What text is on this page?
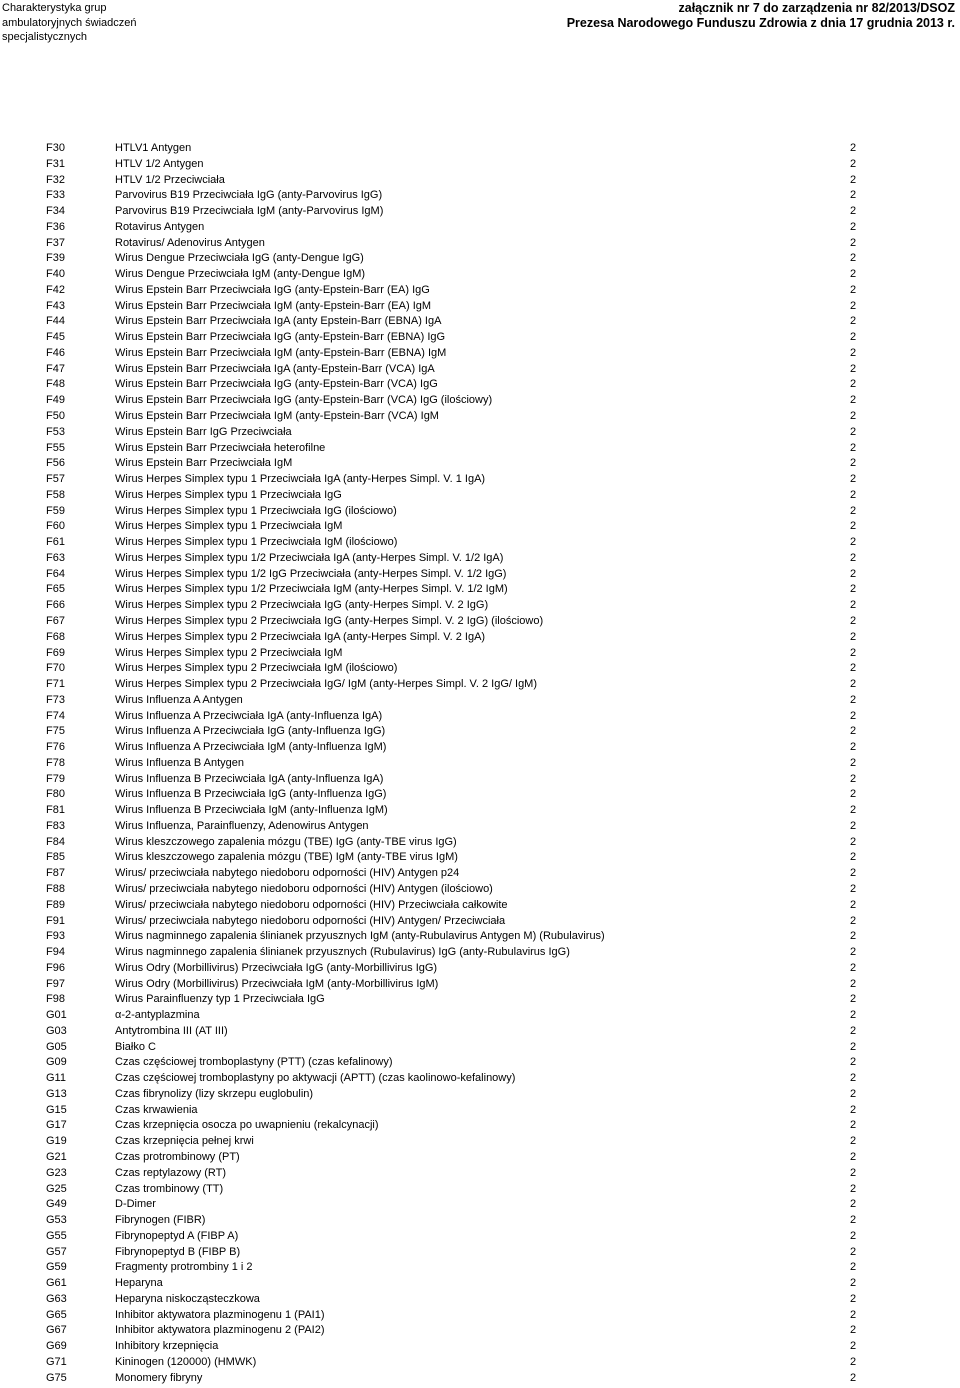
Charakterystyka grup
ambulatoryjnych świadczeń
specjalistycznych
załącznik nr 7 do zarządzenia nr 82/2013/DSOZ
Prezesa Narodowego Funduszu Zdrowia z dnia 17 grudnia 2013 r.
F30	HTLV1 Antygen	2
F31	HTLV 1/2 Antygen	2
F32	HTLV 1/2 Przeciwciała	2
F33	Parvovirus B19 Przeciwciała IgG (anty-Parvovirus IgG)	2
F34	Parvovirus B19 Przeciwciała IgM (anty-Parvovirus IgM)	2
F36	Rotavirus Antygen	2
F37	Rotavirus/ Adenovirus Antygen	2
F39	Wirus Dengue Przeciwciała IgG (anty-Dengue IgG)	2
F40	Wirus Dengue Przeciwciała IgM (anty-Dengue IgM)	2
F42	Wirus Epstein Barr Przeciwciała IgG (anty-Epstein-Barr (EA) IgG	2
F43	Wirus Epstein Barr Przeciwciała IgM (anty-Epstein-Barr (EA) IgM	2
F44	Wirus Epstein Barr Przeciwciała IgA (anty Epstein-Barr (EBNA) IgA	2
F45	Wirus Epstein Barr Przeciwciała IgG (anty-Epstein-Barr (EBNA) IgG	2
F46	Wirus Epstein Barr Przeciwciała IgM (anty-Epstein-Barr (EBNA) IgM	2
F47	Wirus Epstein Barr Przeciwciała IgA (anty-Epstein-Barr (VCA) IgA	2
F48	Wirus Epstein Barr Przeciwciała IgG (anty-Epstein-Barr (VCA) IgG	2
F49	Wirus Epstein Barr Przeciwciała IgG (anty-Epstein-Barr (VCA) IgG (ilościowy)	2
F50	Wirus Epstein Barr Przeciwciała IgM (anty-Epstein-Barr (VCA) IgM	2
F53	Wirus Epstein Barr IgG Przeciwciała	2
F55	Wirus Epstein Barr Przeciwciała heterofilne	2
F56	Wirus Epstein Barr Przeciwciała IgM	2
F57	Wirus Herpes Simplex typu 1 Przeciwciała IgA (anty-Herpes Simpl. V. 1 IgA)	2
F58	Wirus Herpes Simplex typu 1 Przeciwciała IgG	2
F59	Wirus Herpes Simplex typu 1 Przeciwciała IgG (ilościowo)	2
F60	Wirus Herpes Simplex typu 1 Przeciwciała IgM	2
F61	Wirus Herpes Simplex typu 1 Przeciwciała IgM (ilościowo)	2
F63	Wirus Herpes Simplex typu 1/2 Przeciwciała IgA (anty-Herpes Simpl. V. 1/2 IgA)	2
F64	Wirus Herpes Simplex typu 1/2 IgG Przeciwciała (anty-Herpes Simpl. V. 1/2 IgG)	2
F65	Wirus Herpes Simplex typu 1/2 Przeciwciała IgM (anty-Herpes Simpl. V. 1/2 IgM)	2
F66	Wirus Herpes Simplex typu 2 Przeciwciała IgG (anty-Herpes Simpl. V. 2 IgG)	2
F67	Wirus Herpes Simplex typu 2 Przeciwciała IgG (anty-Herpes Simpl. V. 2 IgG) (ilościowo)	2
F68	Wirus Herpes Simplex typu 2 Przeciwciała IgA (anty-Herpes Simpl. V. 2 IgA)	2
F69	Wirus Herpes Simplex typu 2 Przeciwciała IgM	2
F70	Wirus Herpes Simplex typu 2 Przeciwciała IgM (ilościowo)	2
F71	Wirus Herpes Simplex typu 2 Przeciwciała IgG/ IgM (anty-Herpes Simpl. V. 2 IgG/ IgM)	2
F73	Wirus Influenza A Antygen	2
F74	Wirus Influenza A Przeciwciała IgA (anty-Influenza IgA)	2
F75	Wirus Influenza A Przeciwciała IgG (anty-Influenza IgG)	2
F76	Wirus Influenza A Przeciwciała IgM (anty-Influenza IgM)	2
F78	Wirus Influenza B Antygen	2
F79	Wirus Influenza B Przeciwciała IgA (anty-Influenza IgA)	2
F80	Wirus Influenza B Przeciwciała IgG (anty-Influenza IgG)	2
F81	Wirus Influenza B Przeciwciała IgM (anty-Influenza IgM)	2
F83	Wirus Influenza, Parainfluenzy, Adenowirus Antygen	2
F84	Wirus kleszczowego zapalenia mózgu (TBE) IgG (anty-TBE virus IgG)	2
F85	Wirus kleszczowego zapalenia mózgu (TBE) IgM (anty-TBE virus IgM)	2
F87	Wirus/ przeciwciała nabytego niedoboru odporności (HIV) Antygen p24	2
F88	Wirus/ przeciwciała nabytego niedoboru odporności (HIV) Antygen (ilościowo)	2
F89	Wirus/ przeciwciała nabytego niedoboru odporności (HIV) Przeciwciała całkowite	2
F91	Wirus/ przeciwciała nabytego niedoboru odporności (HIV) Antygen/ Przeciwciała	2
F93	Wirus nagminnego zapalenia ślinianek przyusznych IgM (anty-Rubulavirus Antygen M) (Rubulavirus)	2
F94	Wirus nagminnego zapalenia ślinianek przyusznych (Rubulavirus) IgG (anty-Rubulavirus IgG)	2
F96	Wirus Odry (Morbillivirus) Przeciwciała IgG (anty-Morbillivirus IgG)	2
F97	Wirus Odry (Morbillivirus) Przeciwciała IgM (anty-Morbillivirus IgM)	2
F98	Wirus Parainfluenzy typ 1 Przeciwciała IgG	2
G01	α-2-antyplazmina	2
G03	Antytrombina III (AT III)	2
G05	Białko C	2
G09	Czas częściowej tromboplastyny (PTT) (czas kefalinowy)	2
G11	Czas częściowej tromboplastyny po aktywacji (APTT) (czas kaolinowo-kefalinowy)	2
G13	Czas fibrynolizy (lizy skrzepu euglobulin)	2
G15	Czas krwawienia	2
G17	Czas krzepnięcia osocza po uwapnieniu (rekalcynacji)	2
G19	Czas krzepnięcia pełnej krwi	2
G21	Czas protrombinowy (PT)	2
G23	Czas reptylazowy (RT)	2
G25	Czas trombinowy (TT)	2
G49	D-Dimer	2
G53	Fibrynogen (FIBR)	2
G55	Fibrynopeptyd A (FIBP A)	2
G57	Fibrynopeptyd B (FIBP B)	2
G59	Fragmenty protrombiny 1 i 2	2
G61	Heparyna	2
G63	Heparyna niskocząsteczkowa	2
G65	Inhibitor aktywatora plazminogenu 1 (PAI1)	2
G67	Inhibitor aktywatora plazminogenu 2 (PAI2)	2
G69	Inhibitory krzepnięcia	2
G71	Kininogen (120000) (HMWK)	2
G75	Monomery fibryny	2
